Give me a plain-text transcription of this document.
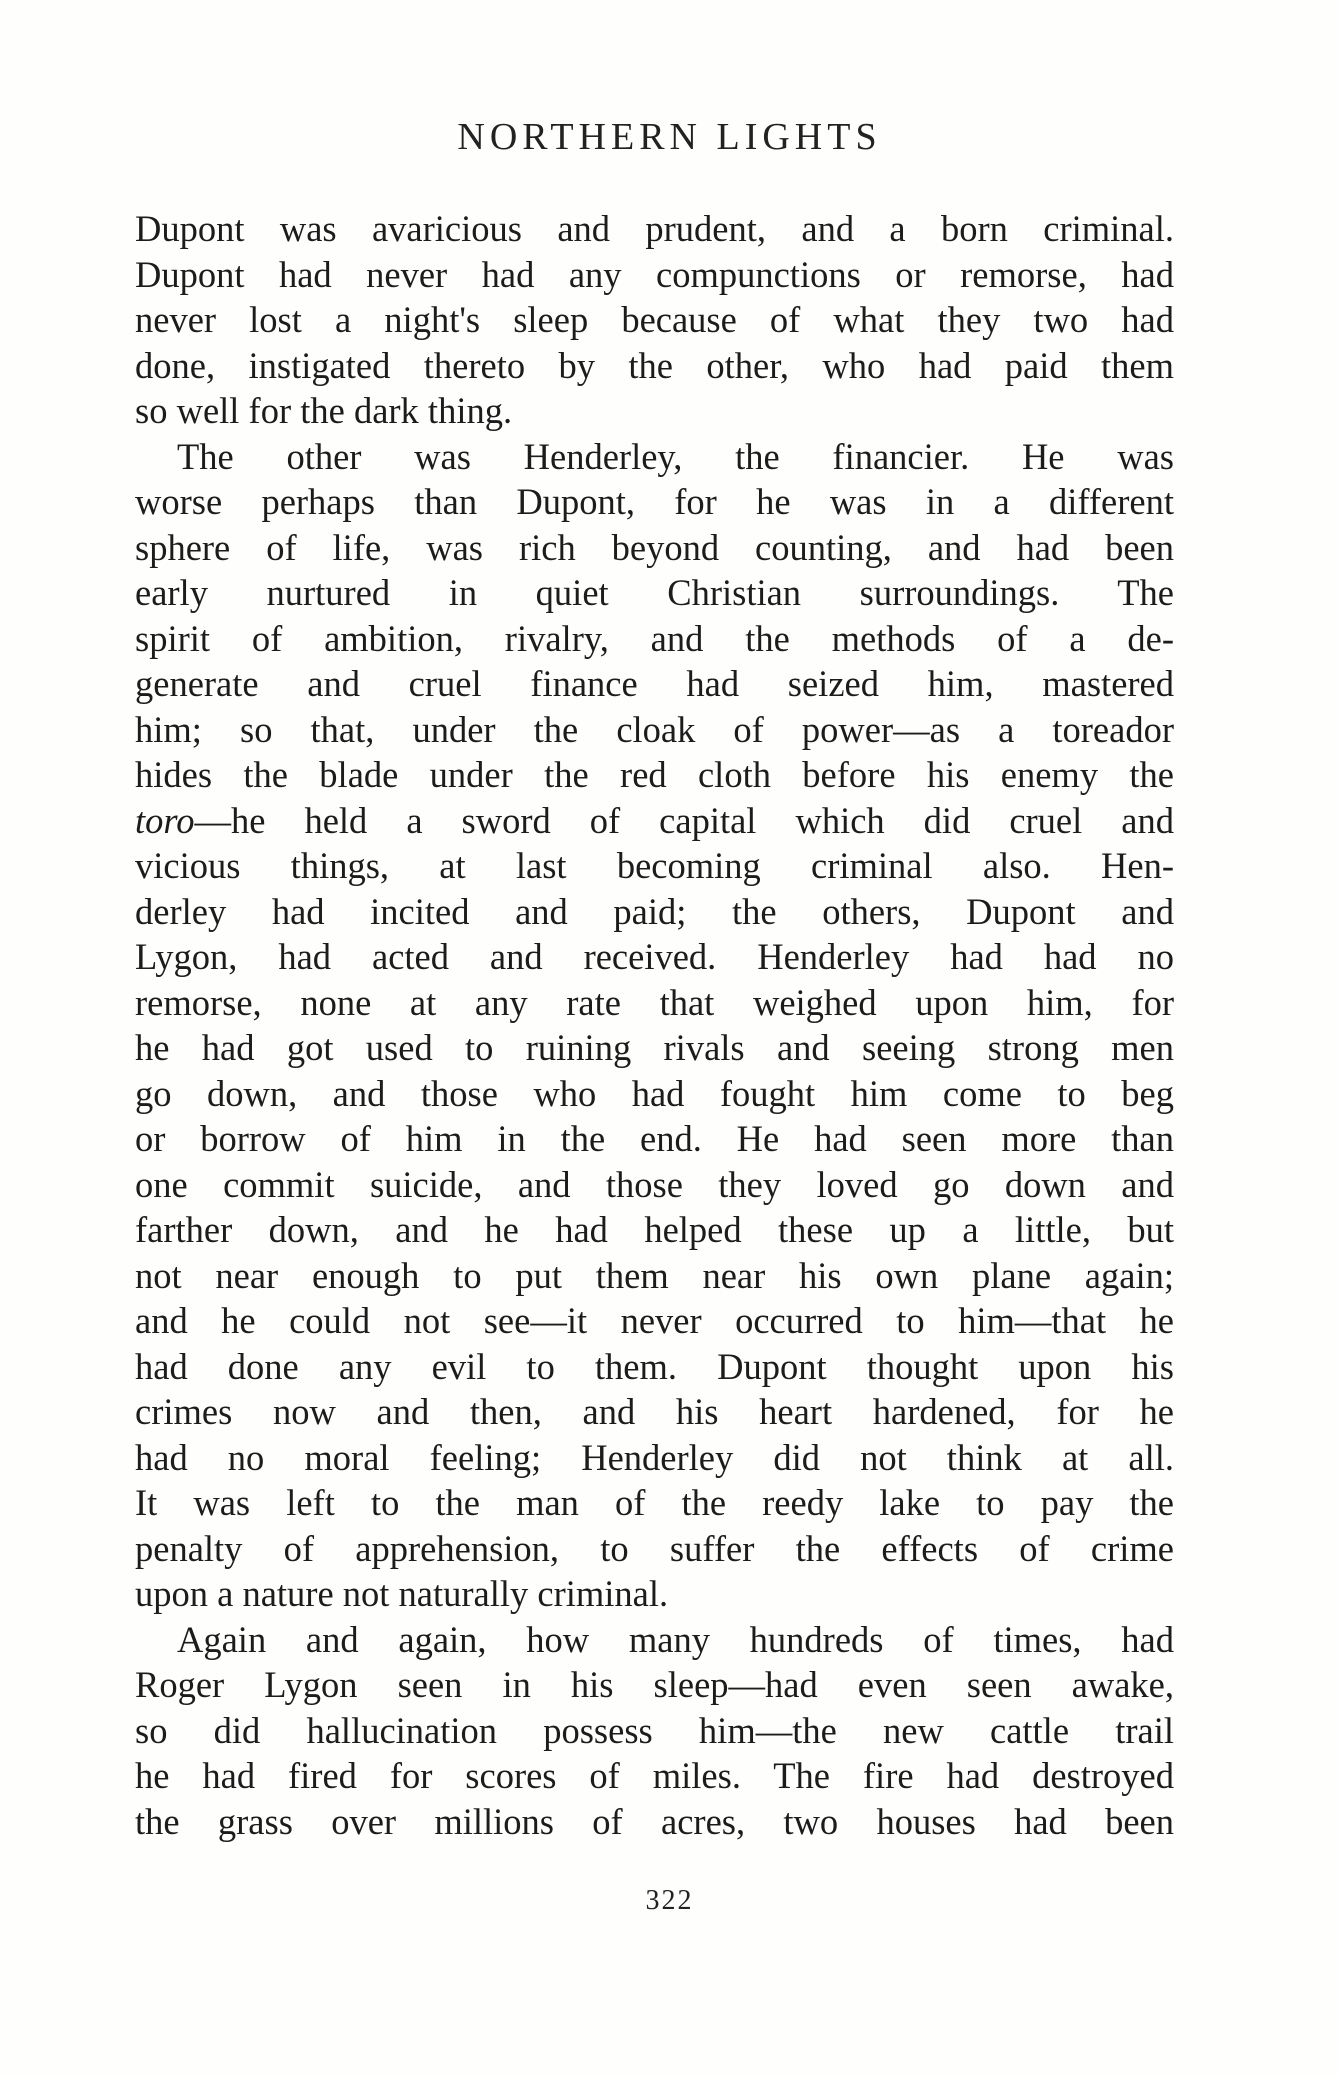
NORTHERN LIGHTS
Dupont was avaricious and prudent, and a born criminal.
Dupont had never had any compunctions or remorse, had
never lost a night's sleep because of what they two had
done, instigated thereto by the other, who had paid them
so well for the dark thing.
The other was Henderley, the financier. He was
worse perhaps than Dupont, for he was in a different
sphere of life, was rich beyond counting, and had been
early nurtured in quiet Christian surroundings. The
spirit of ambition, rivalry, and the methods of a de-
generate and cruel finance had seized him, mastered
him; so that, under the cloak of power—as a toreador
hides the blade under the red cloth before his enemy the
toro—he held a sword of capital which did cruel and
vicious things, at last becoming criminal also. Hen-
derley had incited and paid; the others, Dupont and
Lygon, had acted and received. Henderley had had no
remorse, none at any rate that weighed upon him, for
he had got used to ruining rivals and seeing strong men
go down, and those who had fought him come to beg
or borrow of him in the end. He had seen more than
one commit suicide, and those they loved go down and
farther down, and he had helped these up a little, but
not near enough to put them near his own plane again;
and he could not see—it never occurred to him—that he
had done any evil to them. Dupont thought upon his
crimes now and then, and his heart hardened, for he
had no moral feeling; Henderley did not think at all.
It was left to the man of the reedy lake to pay the
penalty of apprehension, to suffer the effects of crime
upon a nature not naturally criminal.
Again and again, how many hundreds of times, had
Roger Lygon seen in his sleep—had even seen awake,
so did hallucination possess him—the new cattle trail
he had fired for scores of miles. The fire had destroyed
the grass over millions of acres, two houses had been
322
